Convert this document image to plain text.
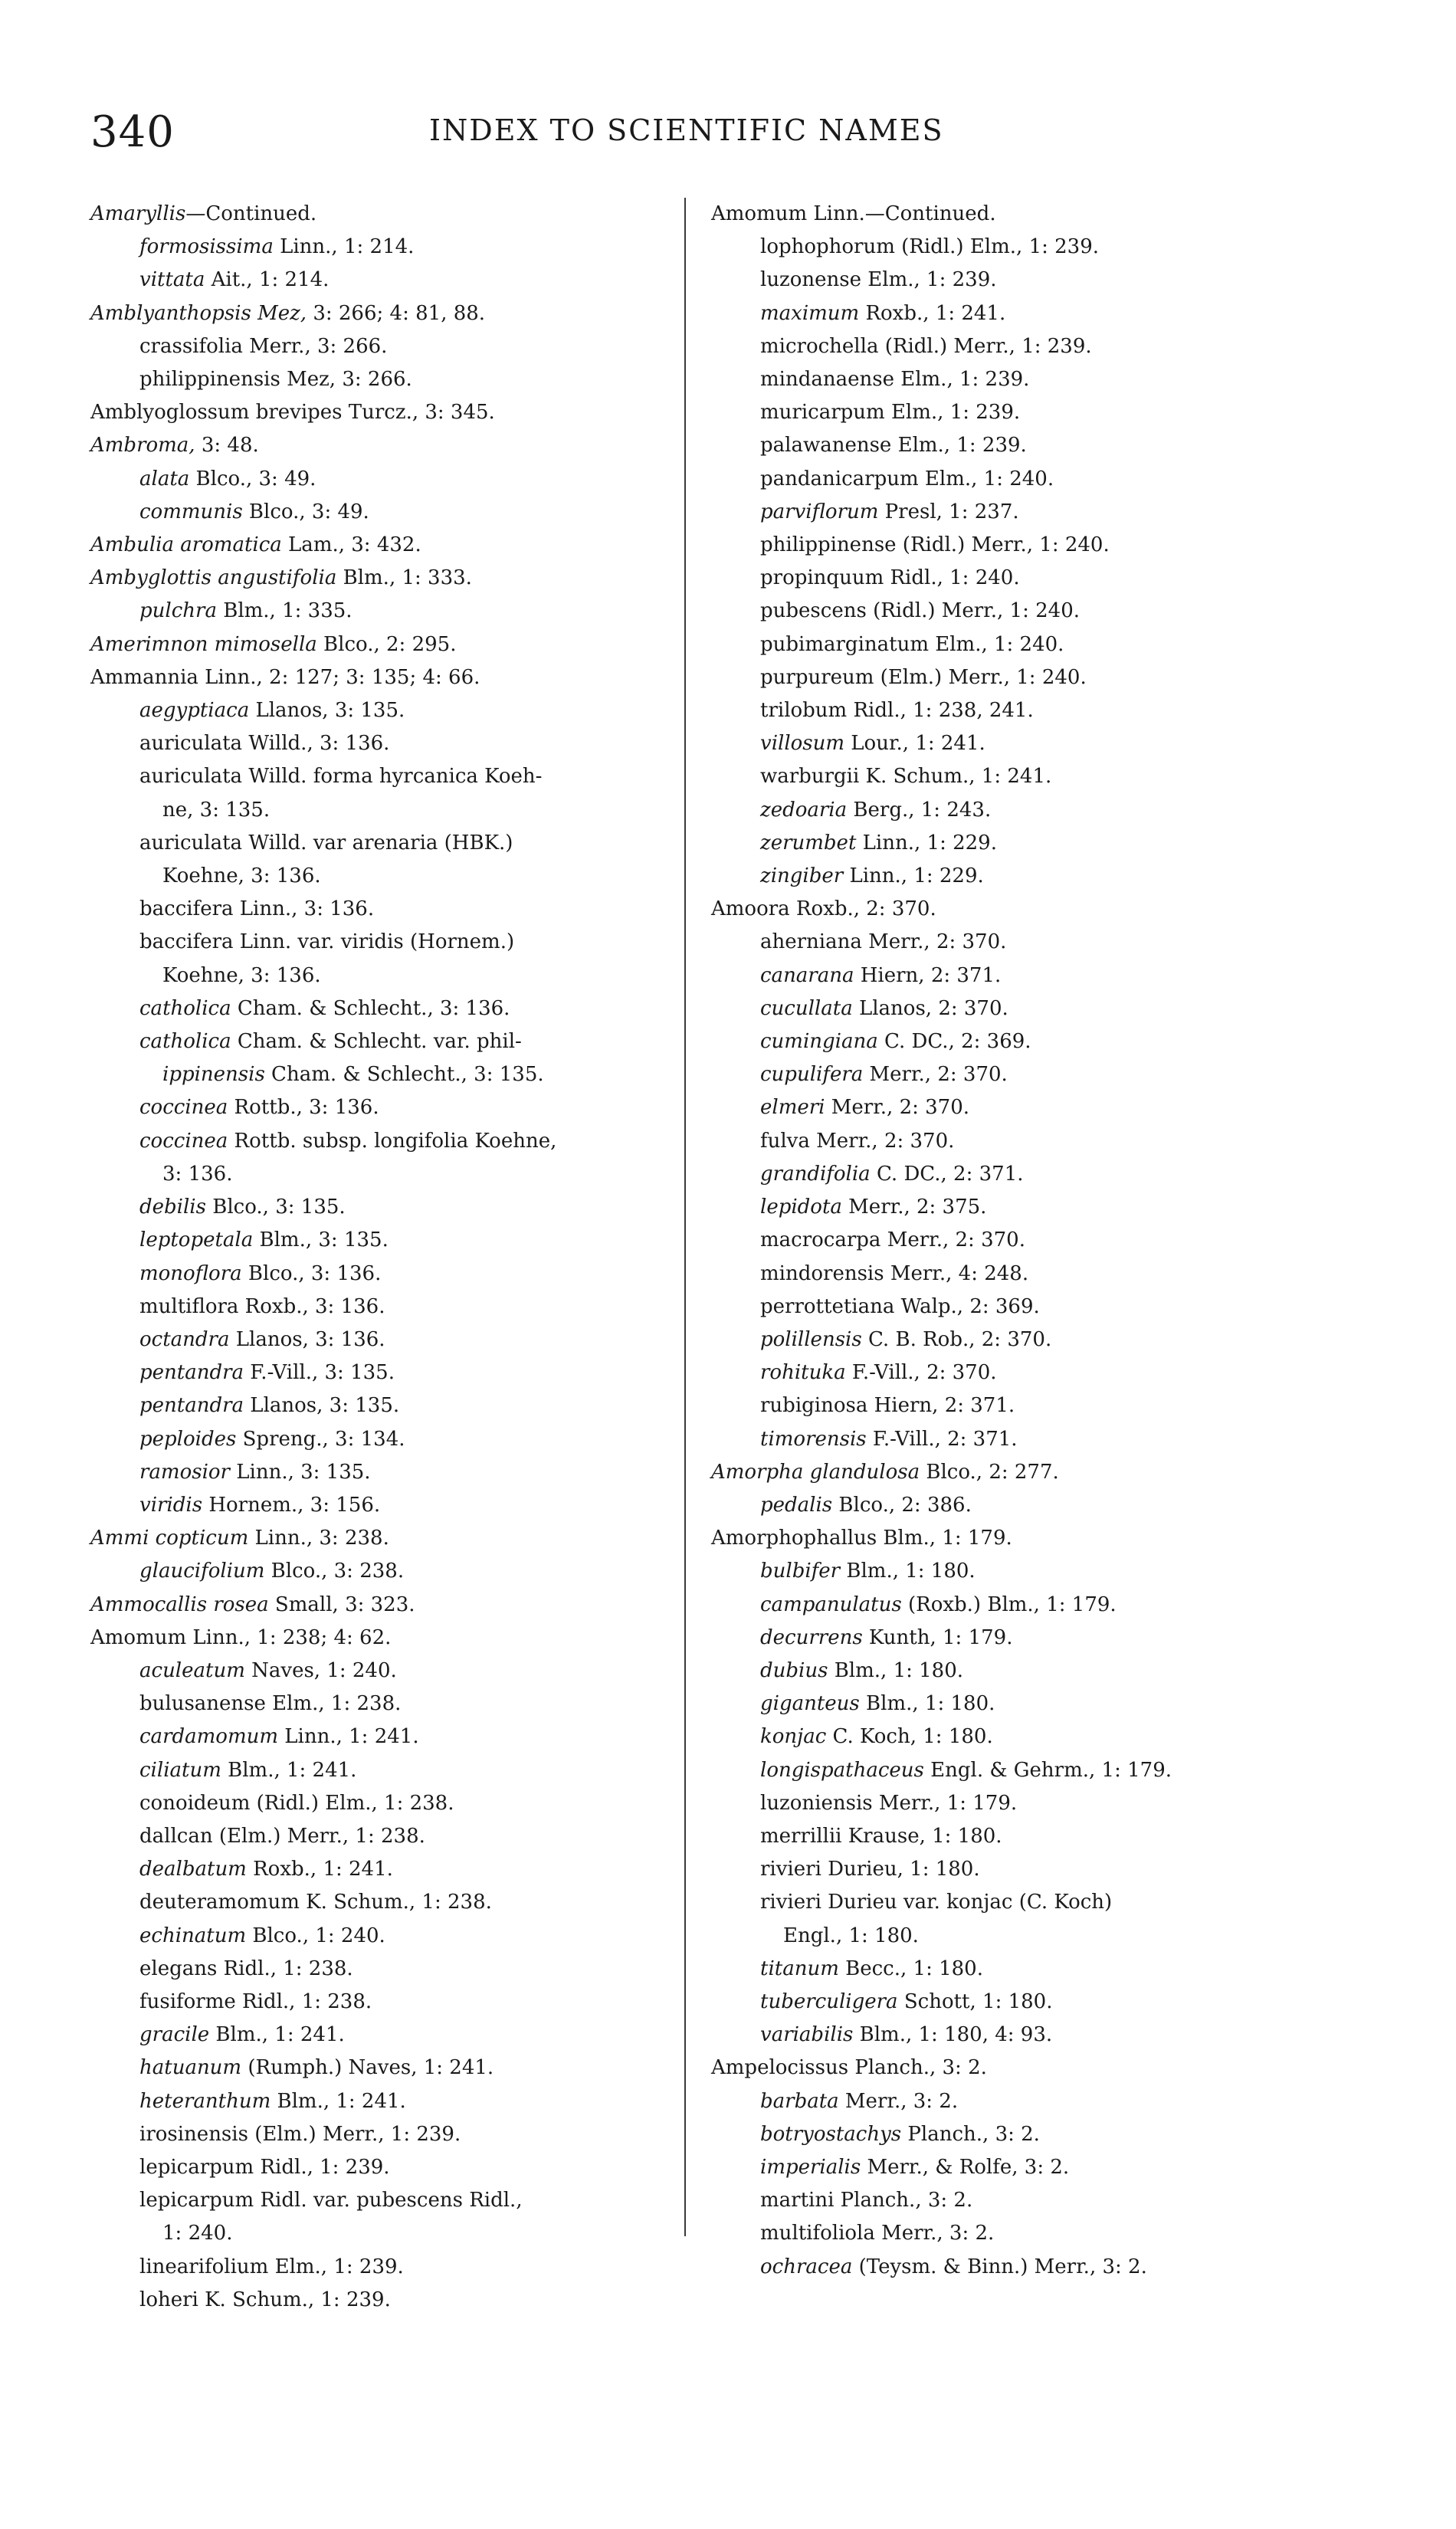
340	INDEX TO SCIENTIFIC NAMES
Amaryllis—Continued.
formosissima Linn., 1: 214.
vittata Ait., 1: 214.
Amblyanthopsis Mez, 3: 266; 4: 81, 88.
crassifolia Merr., 3: 266.
philippinensis Mez, 3: 266.
Amblyoglossum brevipes Turcz., 3: 345.
Ambroma, 3: 48.
alata Blco., 3: 49.
communis Blco., 3: 49.
Ambulia aromatica Lam., 3: 432.
Ambyglottis angustifolia Blm., 1: 333.
pulchra Blm., 1: 335.
Amerimnon mimosella Blco., 2: 295.
Ammannia Linn., 2: 127; 3: 135; 4: 66.
aegyptiaca Llanos, 3: 135.
auriculata Willd., 3: 136.
auriculata Willd. forma hyrcanica Koeh-
ne, 3: 135.
auriculata Willd. var arenaria (HBK.)
Koehne, 3: 136.
baccifera Linn., 3: 136.
baccifera Linn. var. viridis (Hornem.)
Koehne, 3: 136.
catholica Cham. & Schlecht., 3: 136.
catholica Cham. & Schlecht. var. phil-
ippinensis Cham. & Schlecht., 3: 135.
coccinea Rottb., 3: 136.
coccinea Rottb. subsp. longifolia Koehne,
3: 136.
debilis Blco., 3: 135.
leptopetala Blm., 3: 135.
monoflora Blco., 3: 136.
multiflora Roxb., 3: 136.
octandra Llanos, 3: 136.
pentandra F.-Vill., 3: 135.
pentandra Llanos, 3: 135.
peploides Spreng., 3: 134.
ramosior Linn., 3: 135.
viridis Hornem., 3: 156.
Ammi copticum Linn., 3: 238.
glaucifolium Blco., 3: 238.
Ammocallis rosea Small, 3: 323.
Amomum Linn., 1: 238; 4: 62.
aculeatum Naves, 1: 240.
bulusanense Elm., 1: 238.
cardamomum Linn., 1: 241.
ciliatum Blm., 1: 241.
conoideum (Ridl.) Elm., 1: 238.
dallcan (Elm.) Merr., 1: 238.
dealbatum Roxb., 1: 241.
deuteramomum K. Schum., 1: 238.
echinatum Blco., 1: 240.
elegans Ridl., 1: 238.
fusiforme Ridl., 1: 238.
gracile Blm., 1: 241.
hatuanum (Rumph.) Naves, 1: 241.
heteranthum Blm., 1: 241.
irosinensis (Elm.) Merr., 1: 239.
lepicarpum Ridl., 1: 239.
lepicarpum Ridl. var. pubescens Ridl.,
1: 240.
linearifolium Elm., 1: 239.
loheri K. Schum., 1: 239.
Amomum Linn.—Continued.
lophophorum (Ridl.) Elm., 1: 239.
luzonense Elm., 1: 239.
maximum Roxb., 1: 241.
microchella (Ridl.) Merr., 1: 239.
mindanaense Elm., 1: 239.
muricarpum Elm., 1: 239.
palawanense Elm., 1: 239.
pandanicarpum Elm., 1: 240.
parviflorum Presl, 1: 237.
philippinense (Ridl.) Merr., 1: 240.
propinquum Ridl., 1: 240.
pubescens (Ridl.) Merr., 1: 240.
pubimarginatum Elm., 1: 240.
purpureum (Elm.) Merr., 1: 240.
trilobum Ridl., 1: 238, 241.
villosum Lour., 1: 241.
warburgii K. Schum., 1: 241.
zedoaria Berg., 1: 243.
zerumbet Linn., 1: 229.
zingiber Linn., 1: 229.
Amoora Roxb., 2: 370.
aherniana Merr., 2: 370.
canarana Hiern, 2: 371.
cucullata Llanos, 2: 370.
cumingiana C. DC., 2: 369.
cupulifera Merr., 2: 370.
elmeri Merr., 2: 370.
fulva Merr., 2: 370.
grandifolia C. DC., 2: 371.
lepidota Merr., 2: 375.
macrocarpa Merr., 2: 370.
mindorensis Merr., 4: 248.
perrottetiana Walp., 2: 369.
polillensis C. B. Rob., 2: 370.
rohituka F.-Vill., 2: 370.
rubiginosa Hiern, 2: 371.
timorensis F.-Vill., 2: 371.
Amorpha glandulosa Blco., 2: 277.
pedalis Blco., 2: 386.
Amorphophallus Blm., 1: 179.
bulbifer Blm., 1: 180.
campanulatus (Roxb.) Blm., 1: 179.
decurrens Kunth, 1: 179.
dubius Blm., 1: 180.
giganteus Blm., 1: 180.
konjac C. Koch, 1: 180.
longispathaceus Engl. & Gehrm., 1: 179.
luzoniensis Merr., 1: 179.
merrillii Krause, 1: 180.
rivieri Durieu, 1: 180.
rivieri Durieu var. konjac (C. Koch)
Engl., 1: 180.
titanum Becc., 1: 180.
tuberculigera Schott, 1: 180.
variabilis Blm., 1: 180, 4: 93.
Ampelocissus Planch., 3: 2.
barbata Merr., 3: 2.
botryostachys Planch., 3: 2.
imperialis Merr., & Rolfe, 3: 2.
martini Planch., 3: 2.
multifoliola Merr., 3: 2.
ochracea (Teysm. & Binn.) Merr., 3: 2.
